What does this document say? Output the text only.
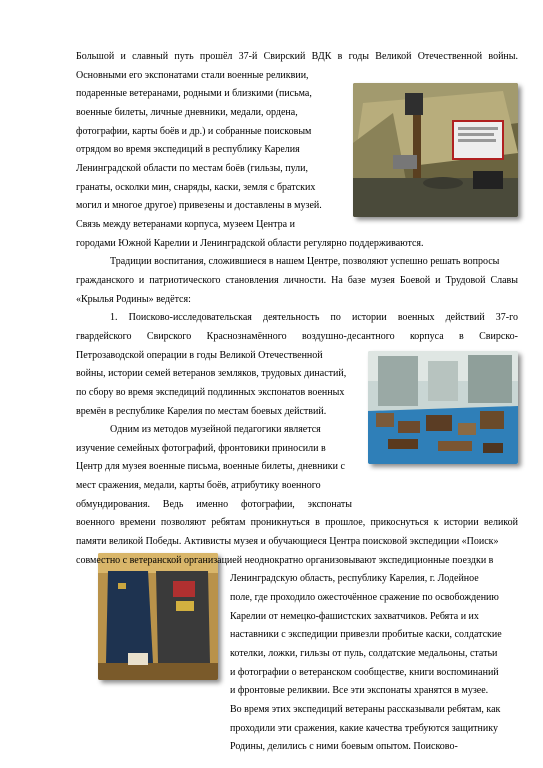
Большой и славный путь прошёл 37-й Свирский ВДК в годы Великой Отечественной войны.
Основными его экспонатами стали военные реликвии,
подаренные ветеранами, родными и близкими (письма,
военные билеты, личные дневники, медали, ордена,
фотографии, карты боёв и др.) и собранные поисковым
отрядом во время экспедиций в республику Карелия
Ленинградской области по местам боёв (гильзы, пули,
гранаты, осколки мин, снаряды, каски, земля с братских
могил и многое другое) привезены и доставлены в музей.
Связь между ветеранами корпуса, музеем Центра и
городами Южной Карелии и Ленинградской области регулярно поддерживаются.
Традиции воспитания, сложившиеся в нашем Центре, позволяют успешно решать вопросы
гражданского и патриотического становления личности. На базе музея Боевой и Трудовой Славы
«Крылья Родины» ведётся:
1. Поисково-исследовательская деятельность по истории военных действий 37-го
гвардейского Свирского Краснознамённого воздушно-десантного корпуса в Свирско-
Петрозаводской операции в годы Великой Отечественной
войны, истории семей ветеранов земляков, трудовых династий,
по сбору во время экспедиций подлинных экспонатов военных
времён в республике Карелия по местам боевых действий.
Одним из методов музейной педагогики является
изучение семейных фотографий, фронтовики приносили в
Центр для музея военные письма, военные билеты, дневники с
мест сражения, медали, карты боёв, атрибутику военного
обмундирования. Ведь именно фотографии, экспонаты
военного времени позволяют ребятам проникнуться в прошлое, прикоснуться к истории великой
памяти великой Победы. Активисты музея и обучающиеся Центра поисковой экспедиции «Поиск»
совместно с ветеранской организацией неоднократно организовывают экспедиционные поездки в
Ленинградскую область, республику Карелия, г. Лодейное
поле, где проходило ожесточённое сражение по освобождению
Карелии от немецко-фашистских захватчиков. Ребята и их
наставники с экспедиции привезли пробитые каски, солдатские
котелки, ложки, гильзы от пуль, солдатские медальоны, статьи
и фотографии о ветеранском сообществе, книги воспоминаний
и фронтовые реликвии. Все эти экспонаты хранятся в музее.
Во время этих экспедиций ветераны рассказывали ребятам, как
проходили эти сражения, какие качества требуются защитнику
Родины, делились с ними боевым опытом. Поисково-
